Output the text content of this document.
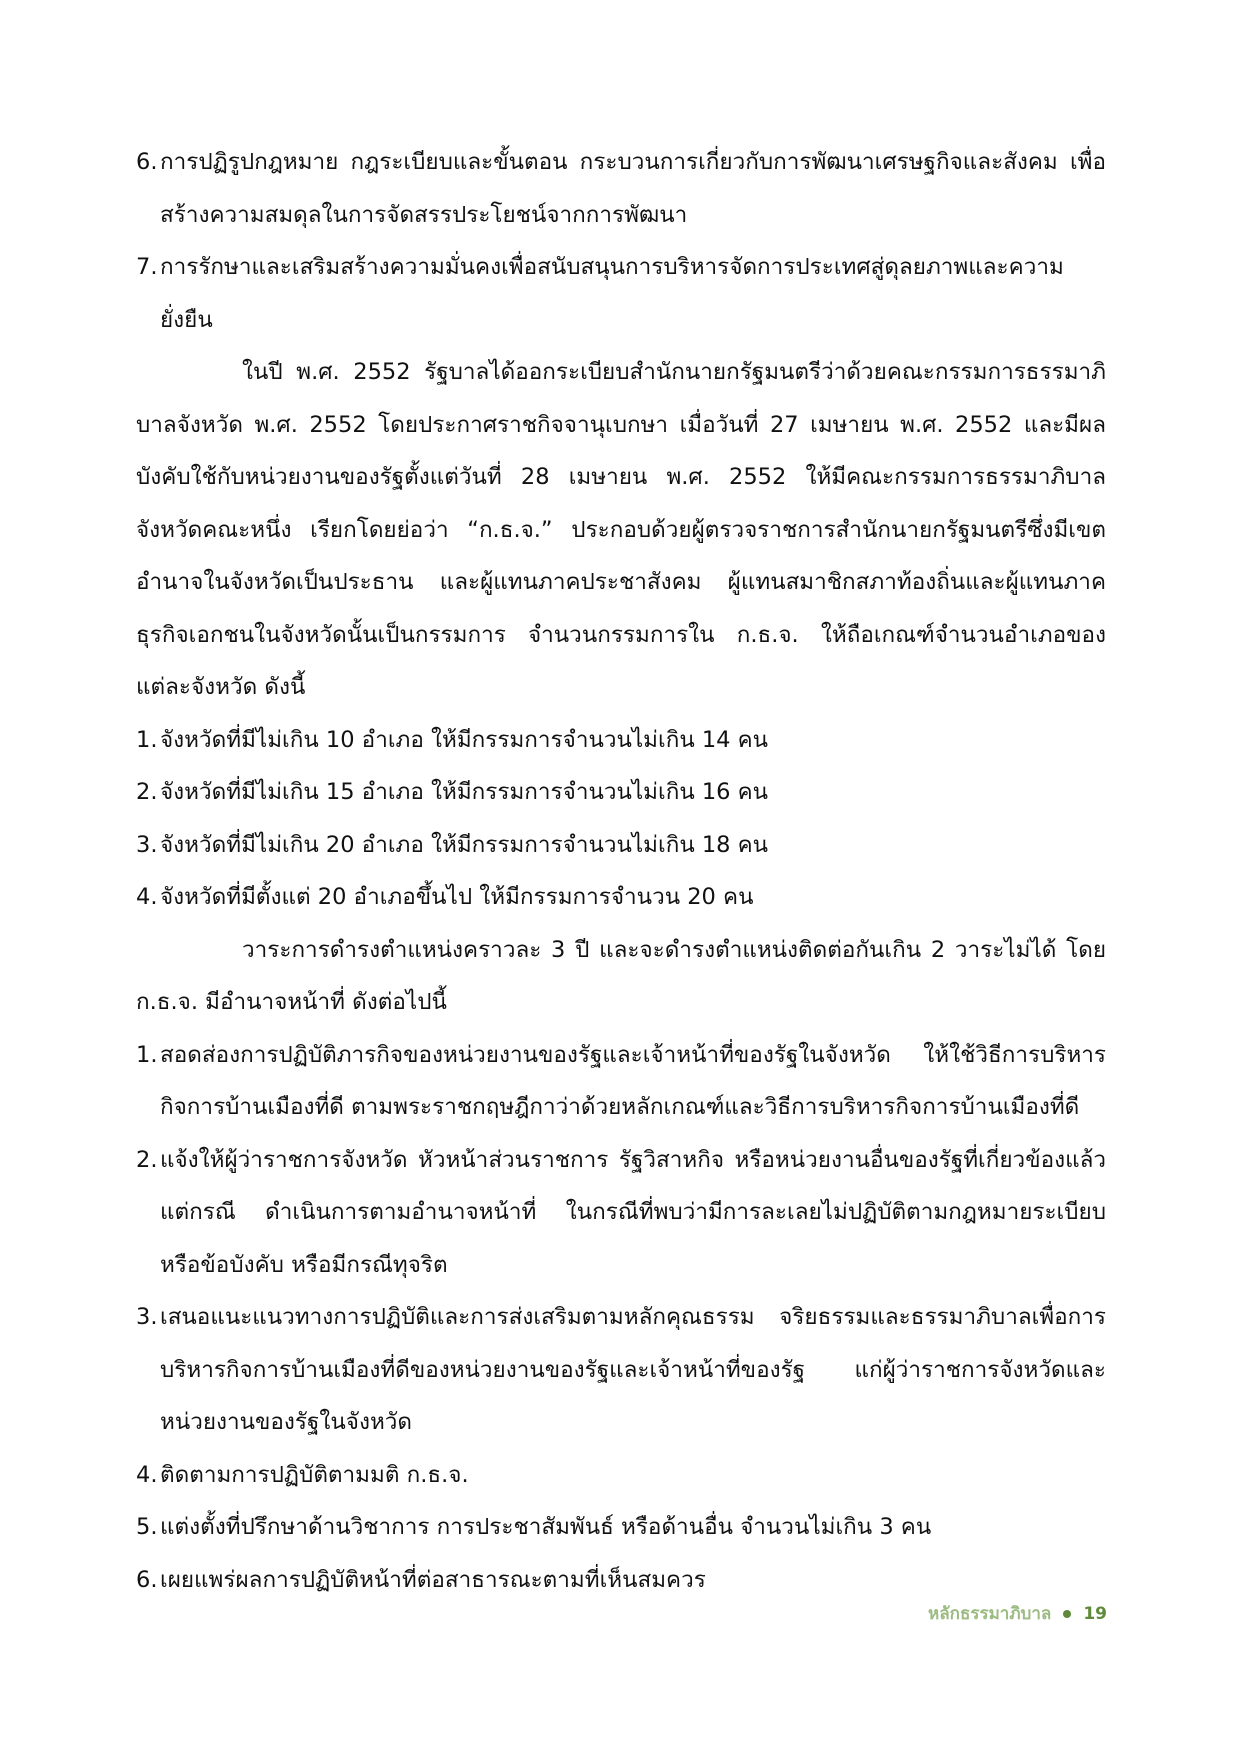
6. การปฏิรูปกฎหมาย กฎระเบียบและขั้นตอน กระบวนการเกี่ยวกับการพัฒนาเศรษฐกิจและสังคม เพื่อสร้างความสมดุลในการจัดสรรประโยชน์จากการพัฒนา
7. การรักษาและเสริมสร้างความมั่นคงเพื่อสนับสนุนการบริหารจัดการประเทศสู่ดุลยภาพและความยั่งยืน

ในปี พ.ศ. 2552 รัฐบาลได้ออกระเบียบสำนักนายกรัฐมนตรีว่าด้วยคณะกรรมการธรรมาภิบาลจังหวัด พ.ศ. 2552 โดยประกาศราชกิจจานุเบกษา เมื่อวันที่ 27 เมษายน พ.ศ. 2552 และมีผลบังคับใช้กับหน่วยงานของรัฐตั้งแต่วันที่ 28 เมษายน พ.ศ. 2552 ให้มีคณะกรรมการธรรมาภิบาลจังหวัดคณะหนึ่ง เรียกโดยย่อว่า “ก.ธ.จ.” ประกอบด้วยผู้ตรวจราชการสำนักนายกรัฐมนตรีซึ่งมีเขตอำนาจในจังหวัดเป็นประธาน และผู้แทนภาคประชาสังคม ผู้แทนสมาชิกสภาท้องถิ่นและผู้แทนภาคธุรกิจเอกชนในจังหวัดนั้นเป็นกรรมการ จำนวนกรรมการใน ก.ธ.จ. ให้ถือเกณฑ์จำนวนอำเภอของแต่ละจังหวัด ดังนี้

1. จังหวัดที่มีไม่เกิน 10 อำเภอ ให้มีกรรมการจำนวนไม่เกิน 14 คน
2. จังหวัดที่มีไม่เกิน 15 อำเภอ ให้มีกรรมการจำนวนไม่เกิน 16 คน
3. จังหวัดที่มีไม่เกิน 20 อำเภอ ให้มีกรรมการจำนวนไม่เกิน 18 คน
4. จังหวัดที่มีตั้งแต่ 20 อำเภอขึ้นไป ให้มีกรรมการจำนวน 20 คน

วาระการดำรงตำแหน่งคราวละ 3 ปี และจะดำรงตำแหน่งติดต่อกันเกิน 2 วาระไม่ได้ โดย ก.ธ.จ. มีอำนาจหน้าที่ ดังต่อไปนี้

1. สอดส่องการปฏิบัติภารกิจของหน่วยงานของรัฐและเจ้าหน้าที่ของรัฐในจังหวัด ให้ใช้วิธีการบริหารกิจการบ้านเมืองที่ดี ตามพระราชกฤษฎีกาว่าด้วยหลักเกณฑ์และวิธีการบริหารกิจการบ้านเมืองที่ดี
2. แจ้งให้ผู้ว่าราชการจังหวัด หัวหน้าส่วนราชการ รัฐวิสาหกิจ หรือหน่วยงานอื่นของรัฐที่เกี่ยวข้องแล้วแต่กรณี ดำเนินการตามอำนาจหน้าที่ ในกรณีที่พบว่ามีการละเลยไม่ปฏิบัติตามกฎหมายระเบียบ หรือข้อบังคับ หรือมีกรณีทุจริต
3. เสนอแนะแนวทางการปฏิบัติและการส่งเสริมตามหลักคุณธรรม จริยธรรมและธรรมาภิบาลเพื่อการบริหารกิจการบ้านเมืองที่ดีของหน่วยงานของรัฐและเจ้าหน้าที่ของรัฐ แก่ผู้ว่าราชการจังหวัดและหน่วยงานของรัฐในจังหวัด
4. ติดตามการปฏิบัติตามมติ ก.ธ.จ.
5. แต่งตั้งที่ปรึกษาด้านวิชาการ การประชาสัมพันธ์ หรือด้านอื่น จำนวนไม่เกิน 3 คน
6. เผยแพร่ผลการปฏิบัติหน้าที่ต่อสาธารณะตามที่เห็นสมควร
หลักธรรมาภิบาล 19
